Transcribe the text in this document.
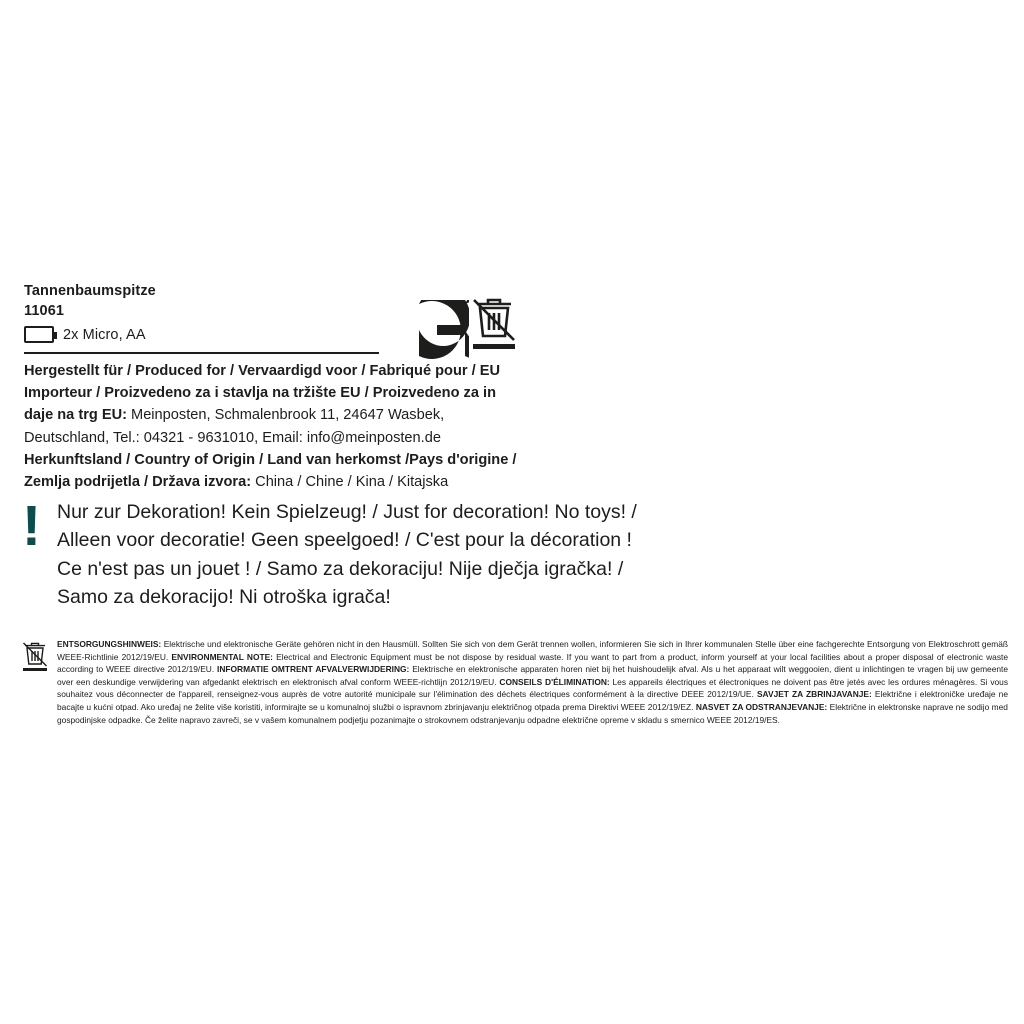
Tannenbaumspitze
11061
2x Micro, AA
Hergestellt für / Produced for / Vervaardigd voor / Fabriqué pour / EU
Importeur / Proizvedeno za i stavlja na tržište EU / Proizvedeno za in
daje na trg EU: Meinposten, Schmalenbrook 11, 24647 Wasbek,
Deutschland, Tel.: 04321 - 9631010, Email: info@meinposten.de
Herkunftsland / Country of Origin / Land van herkomst /Pays d'origine /
Zemlja podrijetla / Država izvora: China / Chine / Kina / Kitajska
! Nur zur Dekoration! Kein Spielzeug! / Just for decoration! No toys! /
Alleen voor decoratie! Geen speelgoed! / C'est pour la décoration !
Ce n'est pas un jouet ! / Samo za dekoraciju! Nije dječja igračka! /
Samo za dekoracijo! Ni otroška igrača!
ENTSORGUNGSHINWEIS: Elektrische und elektronische Geräte gehören nicht in den Hausmüll. Sollten Sie sich von dem Gerät trennen wollen, informieren Sie sich in Ihrer kommunalen Stelle über eine fachgerechte Entsorgung von Elektroschrott gemäß WEEE-Richtlinie 2012/19/EU. ENVIRONMENTAL NOTE: Electrical and Electronic Equipment must be not dispose by residual waste. If you want to part from a product, inform yourself at your local facilities about a proper disposal of electronic waste according to WEEE directive 2012/19/EU. INFORMATIE OMTRENT AFVALVERWIJDERING: Elektrische en elektronische apparaten horen niet bij het huishoudelijk afval. Als u het apparaat wilt weggooien, dient u inlichtingen te vragen bij uw gemeente over een deskundige verwijdering van afgedankt elektrisch en elektronisch afval conform WEEE-richtlijn 2012/19/EU. CONSEILS D'ÉLIMINATION: Les appareils électriques et électroniques ne doivent pas être jetés avec les ordures ménagères. Si vous souhaitez vous déconnecter de l'appareil, renseignez-vous auprès de votre autorité municipale sur l'élimination des déchets électriques conformément à la directive DEEE 2012/19/UE. SAVJET ZA ZBRINJAVANJE: Električne i elektroničke uređaje ne bacajte u kućni otpad. Ako uređaj ne želite više koristiti, informirajte se u komunalnoj službi o ispravnom zbrinjavanju električnog otpada prema Direktivi WEEE 2012/19/EZ. NASVET ZA ODSTRANJEVANJE: Električne in elektronske naprave ne sodijo med gospodinjske odpadke. Če želite napravo zavreči, se v vašem komunalnem podjetju pozanimajte o strokovnem odstranjevanju odpadne električne opreme v skladu s smernico WEEE 2012/19/ES.
